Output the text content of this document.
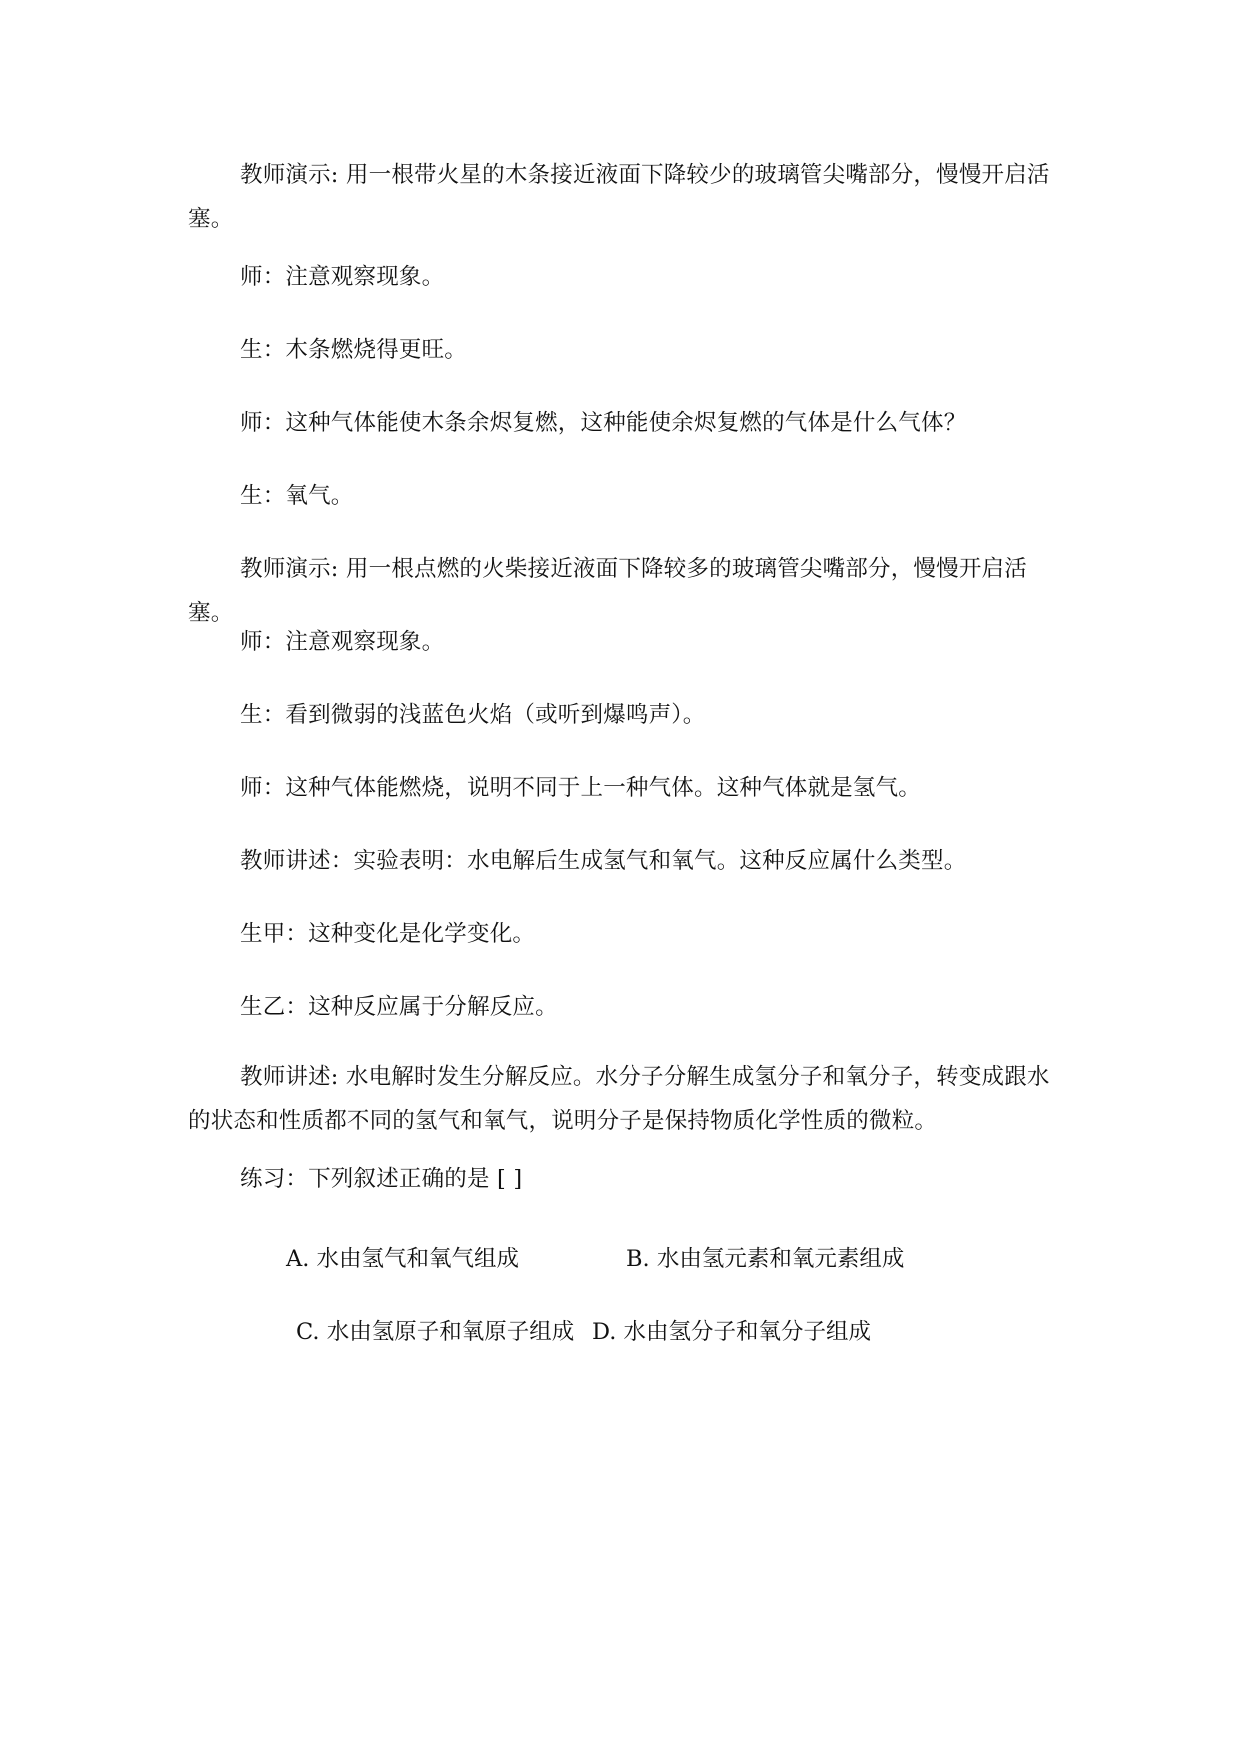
教师演示: 用一根带火星的木条接近液面下降较少的玻璃管尖嘴部分，慢慢开启活塞。

师：注意观察现象。

生：木条燃烧得更旺。

师：这种气体能使木条余烬复燃，这种能使余烬复燃的气体是什么气体？

生：氧气。

教师演示: 用一根点燃的火柴接近液面下降较多的玻璃管尖嘴部分，慢慢开启活塞。

师：注意观察现象。

生：看到微弱的浅蓝色火焰（或听到爆鸣声）。

师：这种气体能燃烧，说明不同于上一种气体。这种气体就是氢气。

教师讲述：实验表明：水电解后生成氢气和氧气。这种反应属什么类型。

生甲：这种变化是化学变化。

生乙：这种反应属于分解反应。

教师讲述: 水电解时发生分解反应。水分子分解生成氢分子和氧分子，转变成跟水的状态和性质都不同的氢气和氧气，说明分子是保持物质化学性质的微粒。

练习：下列叙述正确的是 [ ]

A. 水由氢气和氧气组成	B. 水由氢元素和氧元素组成

C. 水由氢原子和氧原子组成 D. 水由氢分子和氧分子组成
